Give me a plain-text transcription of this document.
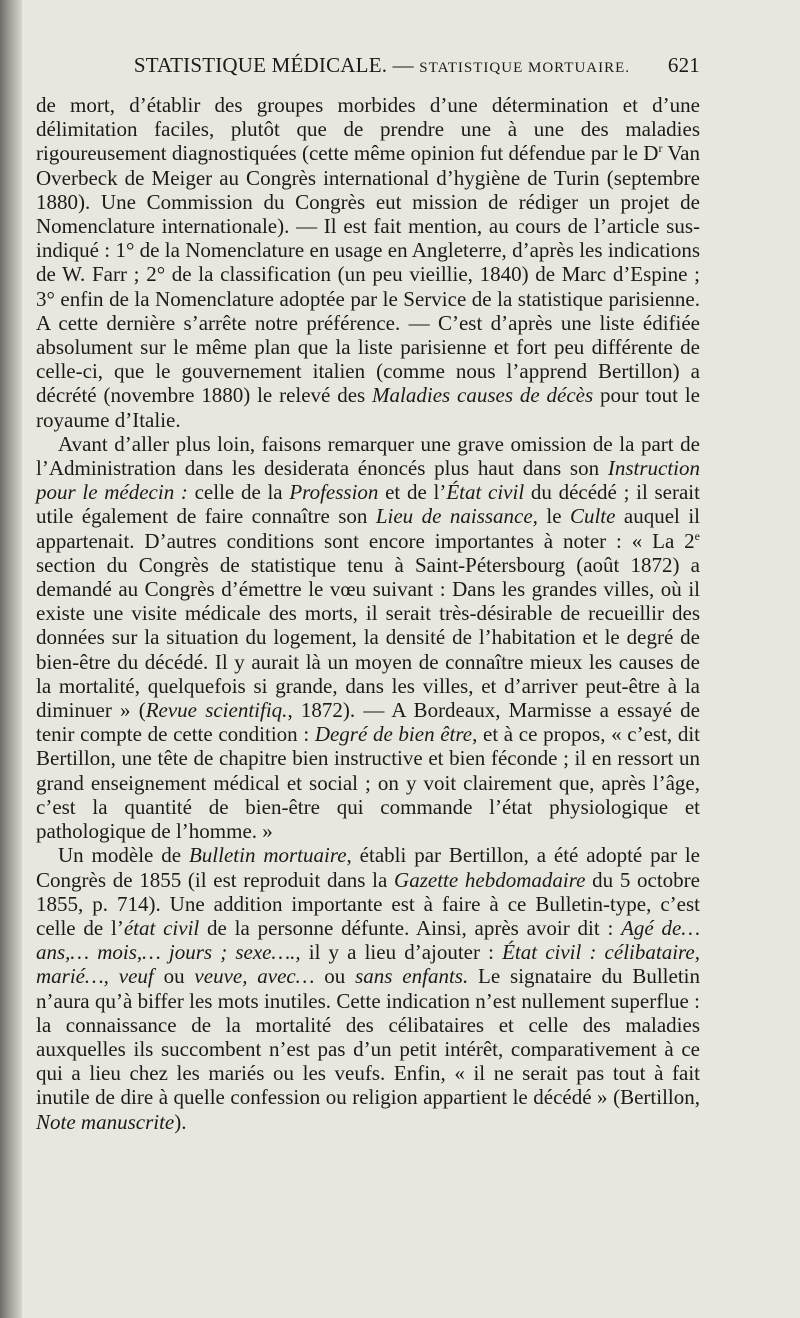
STATISTIQUE MÉDICALE. — STATISTIQUE MORTUAIRE.	621

de mort, d’établir des groupes morbides d’une détermination et d’une délimitation faciles, plutôt que de prendre une à une des maladies rigoureusement diagnostiquées (cette même opinion fut défendue par le $D^r$ Van Overbeck de Meiger au Congrès international d’hygiène de Turin (septembre 1880). Une Commission du Congrès eut mission de rédiger un projet de Nomenclature internationale). — Il est fait mention, au cours de l’article sus-indiqué : 1° de la Nomenclature en usage en Angleterre, d’après les indications de W. Farr ; 2° de la classification (un peu vieillie, 1840) de Marc d’Espine ; 3° enfin de la Nomenclature adoptée par le Service de la statistique parisienne. A cette dernière s’arrête notre préférence. — C’est d’après une liste édifiée absolument sur le même plan que la liste parisienne et fort peu différente de celle-ci, que le gouvernement italien (comme nous l’apprend Bertillon) a décrété (novembre 1880) le relevé des Maladies causes de décès pour tout le royaume d’Italie.

Avant d’aller plus loin, faisons remarquer une grave omission de la part de l’Administration dans les desiderata énoncés plus haut dans son Instruction pour le médecin : celle de la Profession et de l’État civil du décédé ; il serait utile également de faire connaître son Lieu de naissance, le Culte auquel il appartenait. D’autres conditions sont encore importantes à noter : « La 2e section du Congrès de statistique tenu à Saint-Pétersbourg (août 1872) a demandé au Congrès d’émettre le vœu suivant : Dans les grandes villes, où il existe une visite médicale des morts, il serait très-désirable de recueillir des données sur la situation du logement, la densité de l’habitation et le degré de bien-être du décédé. Il y aurait là un moyen de connaître mieux les causes de la mortalité, quelquefois si grande, dans les villes, et d’arriver peut-être à la diminuer » (Revue scientifiq., 1872). — A Bordeaux, Marmisse a essayé de tenir compte de cette condition : Degré de bien être, et à ce propos, « c’est, dit Bertillon, une tête de chapitre bien instructive et bien féconde ; il en ressort un grand enseignement médical et social ; on y voit clairement que, après l’âge, c’est la quantité de bien-être qui commande l’état physiologique et pathologique de l’homme. »

Un modèle de Bulletin mortuaire, établi par Bertillon, a été adopté par le Congrès de 1855 (il est reproduit dans la Gazette hebdomadaire du 5 octobre 1855, p. 714). Une addition importante est à faire à ce Bulletin-type, c’est celle de l’état civil de la personne défunte. Ainsi, après avoir dit : Agé de… ans,… mois,… jours ; sexe…., il y a lieu d’ajouter : État civil : célibataire, marié…, veuf ou veuve, avec… ou sans enfants. Le signataire du Bulletin n’aura qu’à biffer les mots inutiles. Cette indication n’est nullement superflue : la connaissance de la mortalité des célibataires et celle des maladies auxquelles ils succombent n’est pas d’un petit intérêt, comparativement à ce qui a lieu chez les mariés ou les veufs. Enfin, « il ne serait pas tout à fait inutile de dire à quelle confession ou religion appartient le décédé » (Bertillon, Note manuscrite).
